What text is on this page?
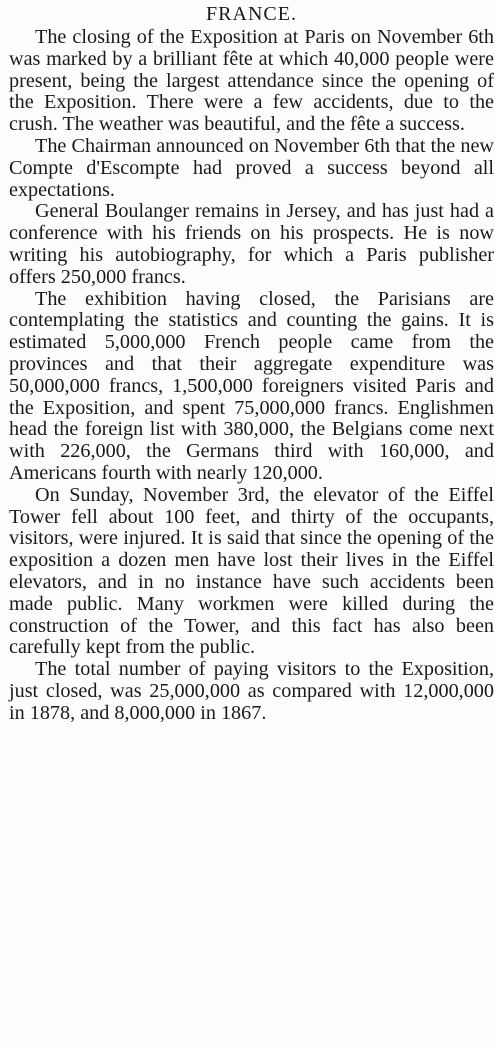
FRANCE.

The closing of the Exposition at Paris on November 6th was marked by a brilliant fête at which 40,000 people were present, being the largest attendance since the opening of the Exposition. There were a few accidents, due to the crush. The weather was beautiful, and the fête a success.

The Chairman announced on November 6th that the new Compte d'Escompte had proved a success beyond all expectations.

General Boulanger remains in Jersey, and has just had a conference with his friends on his prospects. He is now writing his autobiography, for which a Paris publisher offers 250,000 francs.

The exhibition having closed, the Parisians are contemplating the statistics and counting the gains. It is estimated 5,000,000 French people came from the provinces and that their aggregate expenditure was 50,000,000 francs, 1,500,000 foreigners visited Paris and the Exposition, and spent 75,000,000 francs. Englishmen head the foreign list with 380,000, the Belgians come next with 226,000, the Germans third with 160,000, and Americans fourth with nearly 120,000.

On Sunday, November 3rd, the elevator of the Eiffel Tower fell about 100 feet, and thirty of the occupants, visitors, were injured. It is said that since the opening of the exposition a dozen men have lost their lives in the Eiffel elevators, and in no instance have such accidents been made public. Many workmen were killed during the construction of the Tower, and this fact has also been carefully kept from the public.

The total number of paying visitors to the Exposition, just closed, was 25,000,000 as compared with 12,000,000 in 1878, and 8,000,000 in 1867.
